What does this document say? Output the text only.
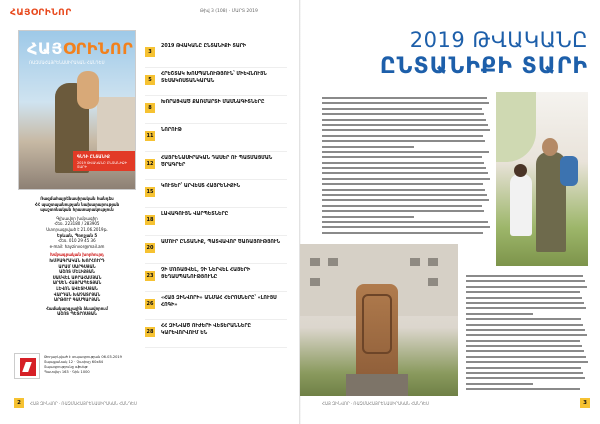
ՀԱՅՕՐԻՆՈՐ	Թիվ 3 (108) · ՄԱՐՏ 2019
ՀԱՅՕՐԻՆՈՐ
ՌԱԶՄԱՀԱՅՐԵՆԱՍԻՐԱԿԱՆ ՀԱՆԴԵՍ
ԳՆԴԻ ԸՆՏԱՆԻՔ
2019 ԹՎԱԿԱՆԸ ԸՆՏԱՆԻՔԻ ՏԱՐԻ
Ռազմահայրենասիրական հանդես
ՀՀ պաշտպանության նախարարության
պաշտոնական հրատարակություն
Գլխավոր խմբագիր
Հեռ. 223180 / 283905
Ստորագրված է 21.06.2019թ.
Երևան, Պռոշյան 5
Հեռ. 010 29 45 36
e-mail: hayzinvor@mail.am
Խմբագրական խորհուրդ
ԽՄԲԱԳՐԱԿԱՆ ԽՈՐՀՈՒՐԴ
ԱՐԱՄ ՍԱՐԳՍՅԱՆ
ԱՇՈՏ ՄԵԼԻՔՅԱՆ
ՍԱՄՎԵԼ ԱԲՐԱՀԱՄՅԱՆ
ԱՐՍԵՆ ՀԱՅՐԱՊԵՏՅԱՆ
ԼԵՎՈՆ ԱՎԵՏԻՍՅԱՆ
ՎԱՐԴԱՆ ԽԱՉԱՏՐՅԱՆ
ԱՐԹՈՒՐ ԳԱՍՊԱՐՅԱՆ
Համակարգչային ձևավորում
ԱՇՈՏ ՊԵՏՐՈՍՅԱՆ
Թողարկված է տպագրության 06.03.2019
Տպաքանակ 12 · Չափսը 60x84
Տպագրությունը օֆսեթ
Պատվեր 163 · Գին 1000
3
2019 ԹՎԱԿԱՆԸ ԸՆՏԱՆԻՔԻ ՏԱՐԻ
5
ՀՐԵՇՏԱԿ ԽՈՍՊԱՆՈՒԹՅՈՒՆ՝ ՄԻԵՎՆՈՒՅՆ ՏԵՍԱԿՈՍՏԱՆԿԱՐԱՆ
8
ԽՈՐԱՑՎԱԾ ՔԱՌՄԱՐՏԻ ՄԱՍՆԱԳԻՏՆԵՐԸ
11
ՆՈՐՈՒԹ
12
ՀԱՅՐԵՆԱՍԻՐԱԿԱՆ ԴԱՍԵՐ ՈՒ ՊԱՏՄԱՑՄԱՆ ԾՐԱԳՐԵՐ
15
ԿՈՒՏԵՐ՝ ԱՐՎԵՍՏ ՀԱՅՐԵՆԻՔԻՆ
18
ԼԱՎԱԳՈՒՅՆ ՎԱՐՊԵՏՆԵՐԸ
20
ԱՄՈՒՐ ԸՆՏԱՆԻՔ, ՊԱՏՎԱՎՈՐ ԾԱՌԱՅՈՒԹՅՈՒՆ
23
ՉԻ ՄՈՌԱՑՎԵԼ, ՉԻ ՆԵՐՎԵԼ ՀԱՅԵՐԻ ՑԵՂԱՍՊԱՆՈՒԹՅՈՒՆԸ
26
«ՀԱՅ ԶԻՆՎՈՐԻ» ԱՆՄԱՀ ՀԵՐՈՍՆԵՐԸ՝ «ԼՈՒՅՍ ՀՈԳԻ»
28
ՀՀ ԶԻՆՎԱԾ ՈՒԺԵՐԻ ՎԵՏԵՐԱՆՆԵՐԸ ԿԱՐԵՎՈՐՎՈՒՄ ԵՆ
2	ՀԱՅ ԶԻՆՎՈՐ · ՌԱԶՄԱՀԱՅՐԵՆԱՍԻՐԱԿԱՆ ՀԱՆԴԵՍ
2019 ԹՎԱԿԱՆԸ
ԸՆՏԱՆԻՔԻ ՏԱՐԻ
ՀԱՅ ԶԻՆՎՈՐ · ՌԱԶՄԱՀԱՅՐԵՆԱՍԻՐԱԿԱՆ ՀԱՆԴԵՍ	3
